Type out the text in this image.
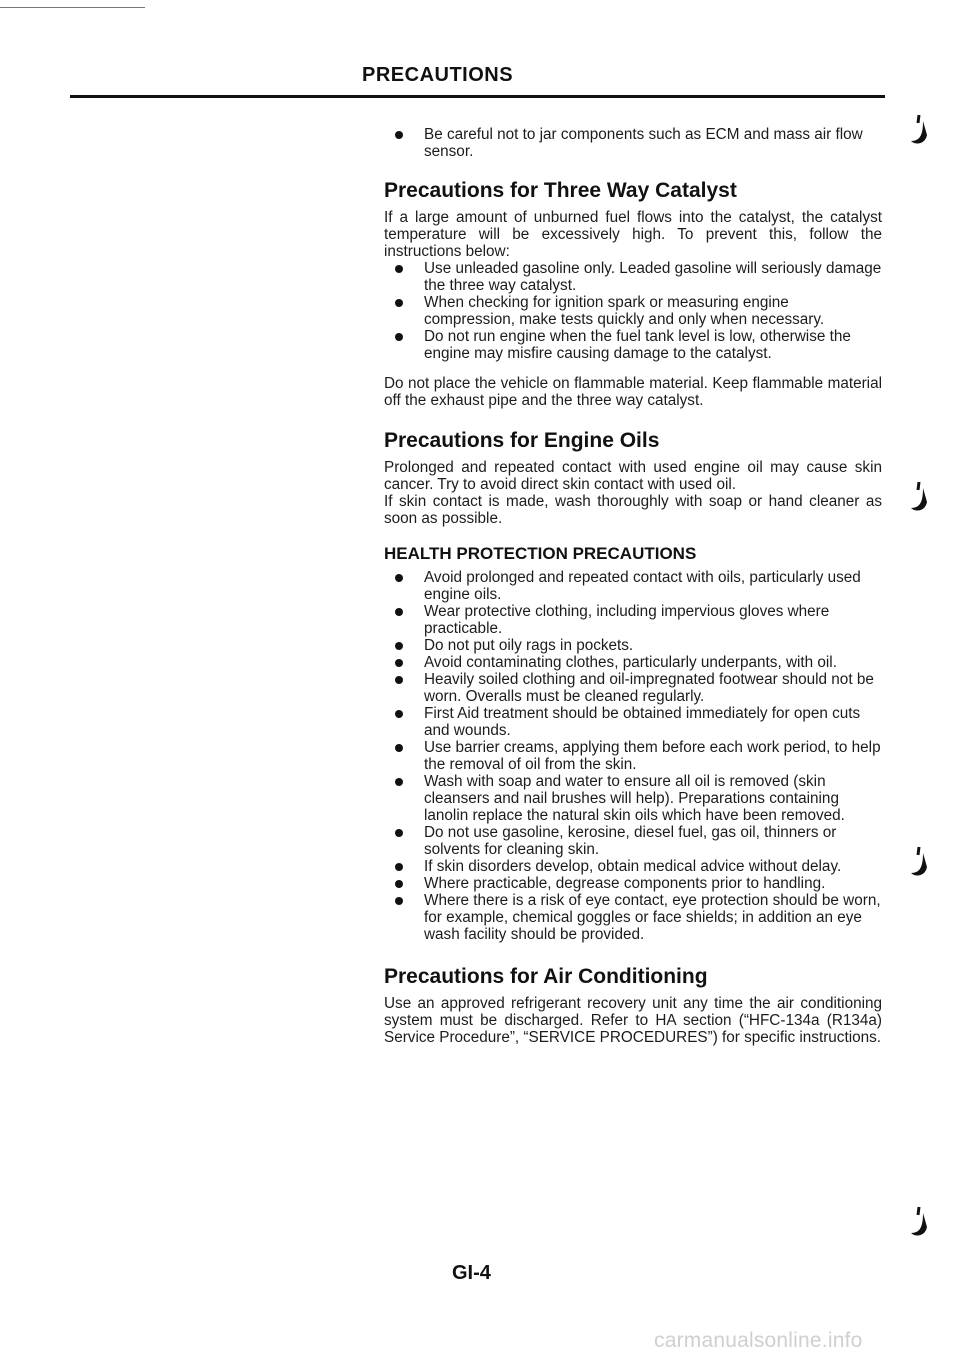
PRECAUTIONS
Be careful not to jar components such as ECM and mass air flow sensor.
Precautions for Three Way Catalyst

If a large amount of unburned fuel flows into the catalyst, the catalyst temperature will be excessively high. To prevent this, follow the instructions below:

Use unleaded gasoline only. Leaded gasoline will seriously damage the three way catalyst.
When checking for ignition spark or measuring engine compression, make tests quickly and only when necessary.
Do not run engine when the fuel tank level is low, otherwise the engine may misfire causing damage to the catalyst.

Do not place the vehicle on flammable material. Keep flammable material off the exhaust pipe and the three way catalyst.

Precautions for Engine Oils

Prolonged and repeated contact with used engine oil may cause skin cancer. Try to avoid direct skin contact with used oil.

If skin contact is made, wash thoroughly with soap or hand cleaner as soon as possible.

HEALTH PROTECTION PRECAUTIONS
Avoid prolonged and repeated contact with oils, particularly used engine oils.
Wear protective clothing, including impervious gloves where practicable.
Do not put oily rags in pockets.
Avoid contaminating clothes, particularly underpants, with oil.
Heavily soiled clothing and oil-impregnated footwear should not be worn. Overalls must be cleaned regularly.
First Aid treatment should be obtained immediately for open cuts and wounds.
Use barrier creams, applying them before each work period, to help the removal of oil from the skin.
Wash with soap and water to ensure all oil is removed (skin cleansers and nail brushes will help). Preparations containing lanolin replace the natural skin oils which have been removed.
Do not use gasoline, kerosine, diesel fuel, gas oil, thinners or solvents for cleaning skin.
If skin disorders develop, obtain medical advice without delay.
Where practicable, degrease components prior to handling.
Where there is a risk of eye contact, eye protection should be worn, for example, chemical goggles or face shields; in addition an eye wash facility should be provided.
Precautions for Air Conditioning

Use an approved refrigerant recovery unit any time the air conditioning system must be discharged. Refer to HA section (“HFC-134a (R134a) Service Procedure”, “SERVICE PROCEDURES”) for specific instructions.

GI-4
carmanualsonline.info
